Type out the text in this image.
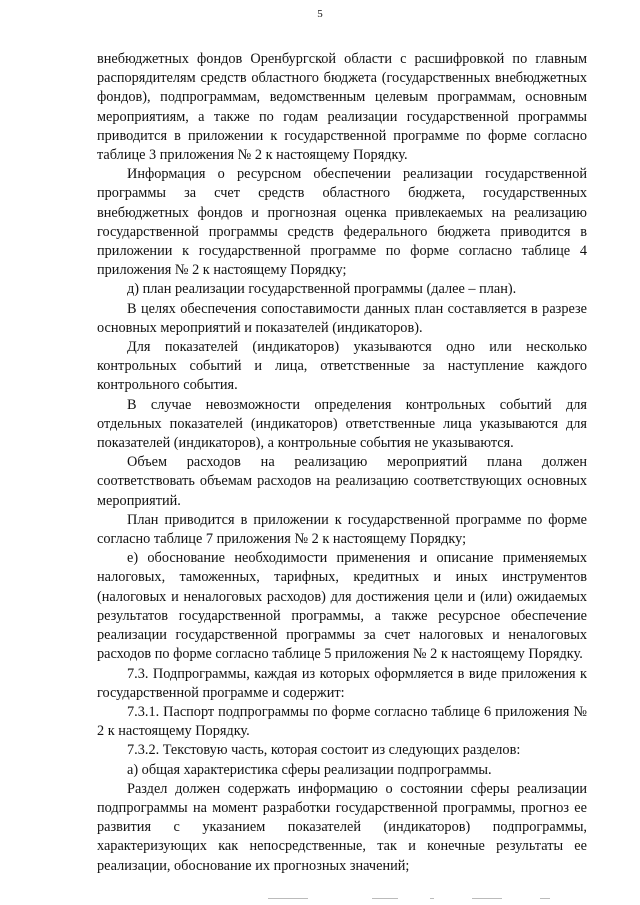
5

внебюджетных фондов Оренбургской области с расшифровкой по главным распорядителям средств областного бюджета (государственных внебюджетных фондов), подпрограммам, ведомственным целевым программам, основным мероприятиям, а также по годам реализации государственной программы приводится в приложении к государственной программе по форме согласно таблице 3 приложения № 2 к настоящему Порядку.

Информация о ресурсном обеспечении реализации государственной программы за счет средств областного бюджета, государственных внебюджетных фондов и прогнозная оценка привлекаемых на реализацию государственной программы средств федерального бюджета приводится в приложении к государственной программе по форме согласно таблице 4 приложения № 2 к настоящему Порядку;

д) план реализации государственной программы (далее – план).

В целях обеспечения сопоставимости данных план составляется в разрезе основных мероприятий и показателей (индикаторов).

Для показателей (индикаторов) указываются одно или несколько контрольных событий и лица, ответственные за наступление каждого контрольного события.

В случае невозможности определения контрольных событий для отдельных показателей (индикаторов) ответственные лица указываются для показателей (индикаторов), а контрольные события не указываются.

Объем расходов на реализацию мероприятий плана должен соответствовать объемам расходов на реализацию соответствующих основных мероприятий.

План приводится в приложении к государственной программе по форме согласно таблице 7 приложения № 2 к настоящему Порядку;

е) обоснование необходимости применения и описание применяемых налоговых, таможенных, тарифных, кредитных и иных инструментов (налоговых и неналоговых расходов) для достижения цели и (или) ожидаемых результатов государственной программы, а также ресурсное обеспечение реализации государственной программы за счет налоговых и неналоговых расходов по форме согласно таблице 5 приложения № 2 к настоящему Порядку.

7.3. Подпрограммы, каждая из которых оформляется в виде приложения к государственной программе и содержит:

7.3.1. Паспорт подпрограммы по форме согласно таблице 6 приложения № 2 к настоящему Порядку.

7.3.2. Текстовую часть, которая состоит из следующих разделов:

а) общая характеристика сферы реализации подпрограммы.

Раздел должен содержать информацию о состоянии сферы реализации подпрограммы на момент разработки государственной программы, прогноз ее развития с указанием показателей (индикаторов) подпрограммы, характеризующих как непосредственные, так и конечные результаты ее реализации, обоснование их прогнозных значений;
